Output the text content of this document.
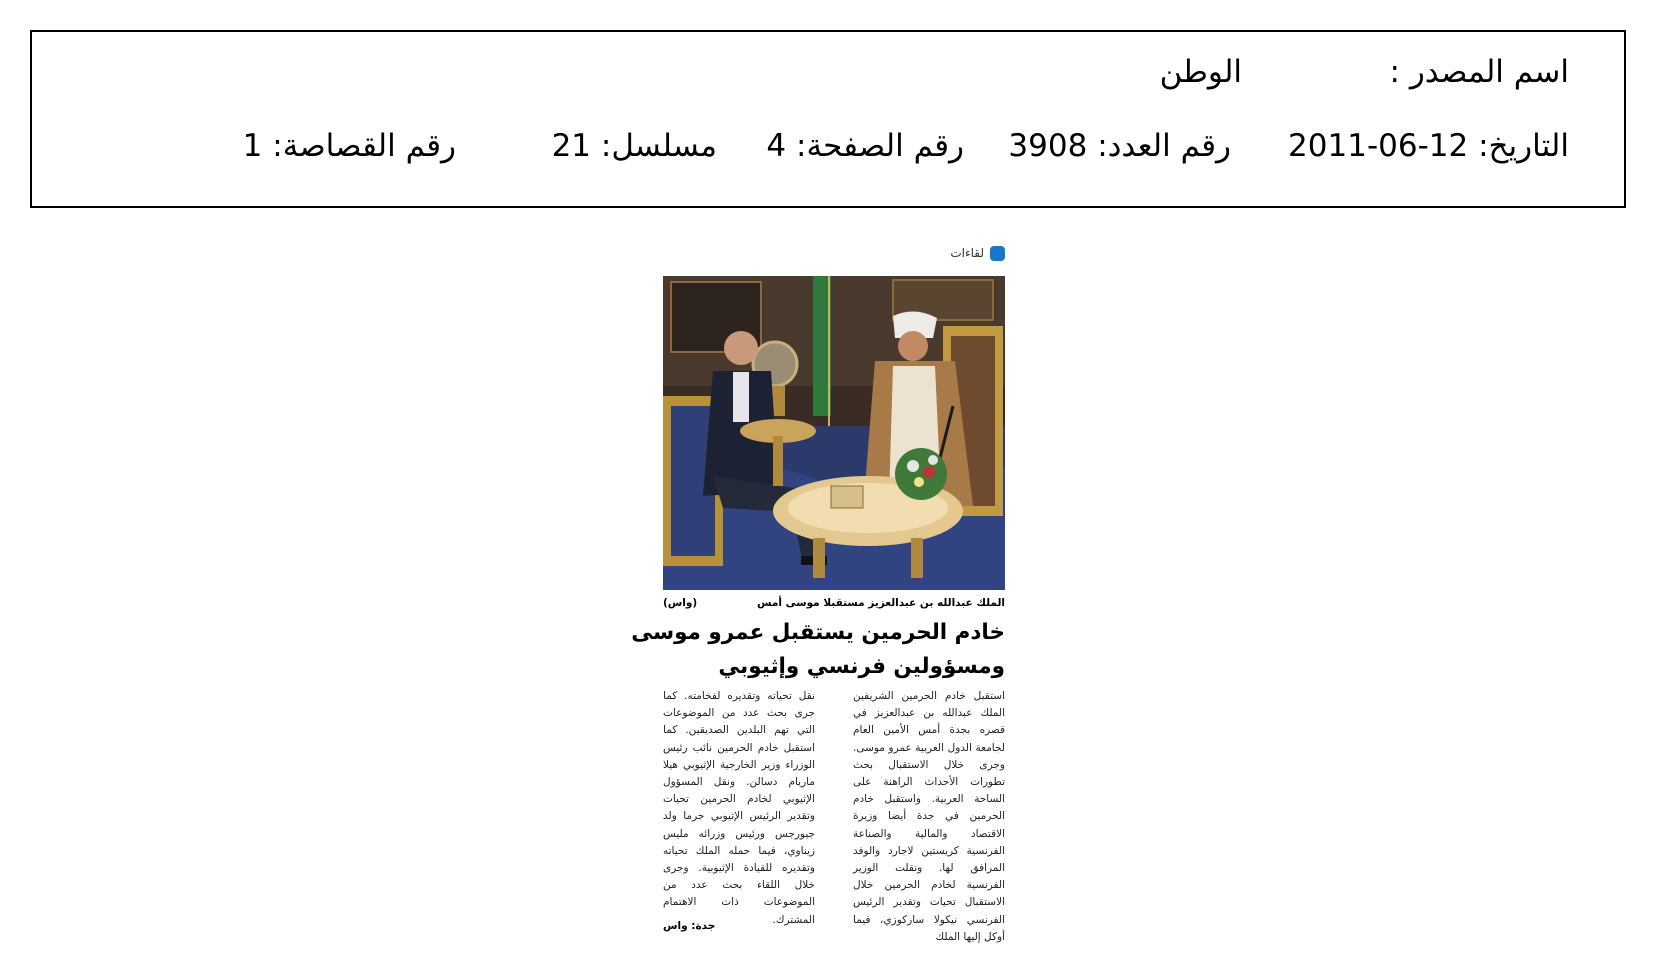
اسم المصدر :
الوطن
التاريخ: 2011-06-12
رقم العدد: 3908
رقم الصفحة: 4
مسلسل: 21
رقم القصاصة: 1
لقاءات
الملك عبدالله بن عبدالعزيز مستقبلا موسى أمس
(واس)
خادم الحرمين يستقبل عمرو موسى
ومسؤولين فرنسي وإثيوبي
استقبل خادم الحرمين الشريفين الملك عبدالله بن عبدالعزيز في قصره بجدة أمس الأمين العام لجامعة الدول العربية عمرو موسى. وجرى خلال الاستقبال بحث تطورات الأحداث الراهنة على الساحة العربية. واستقبل خادم الحرمين في جدة أيضا وزيرة الاقتصاد والمالية والصناعة الفرنسية كريستين لاجارد والوفد المرافق لها. ونقلت الوزير الفرنسية لخادم الحرمين خلال الاستقبال تحيات وتقدير الرئيس الفرنسي نيكولا ساركوزي، فيما أوكل إليها الملك
نقل تحياته وتقديره لفخامته. كما جرى بحث عدد من الموضوعات التي تهم البلدين الصديقين. كما استقبل خادم الحرمين نائب رئيس الوزراء وزير الخارجية الإثيوبي هيلا ماريام دسالن. ونقل المسؤول الإثيوبي لخادم الحرمين تحيات وتقدير الرئيس الإثيوبي جرما ولد جيورجس ورئيس وزرائه مليس زيناوي، فيما حمله الملك تحياته وتقديره للقيادة الإثيوبية. وجرى خلال اللقاء بحث عدد من الموضوعات ذات الاهتمام المشترك.
جدة: واس
